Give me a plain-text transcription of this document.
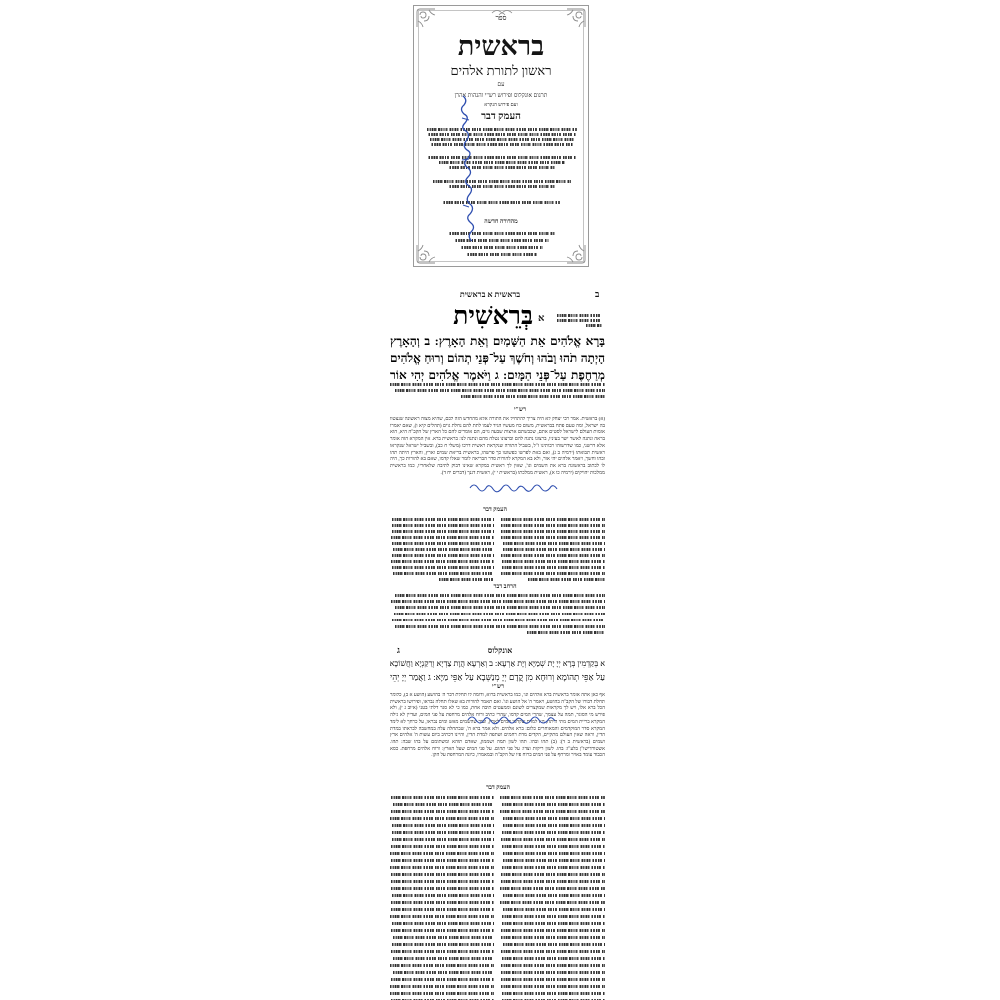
ספר
בראשית
ראשון לתורת אלהים
עם
תרגום אונקלוס ופירוש רש"י והגהות אהרן
ועם פירוש הנקרא
העמק דבר
מהדורה חדשה
ב
בראשית א בראשית
א
בְּרֵאשִׁית
בָּרָא אֱלֹהִים אֵת הַשָּׁמַיִם וְאֵת הָאָרֶץ: ב וְהָאָרֶץ
הָיְתָה תֹהוּ וָבֹהוּ וְחֹשֶׁךְ עַל־פְּנֵי תְהוֹם וְרוּחַ אֱלֹהִים
מְרַחֶפֶת עַל־פְּנֵי הַמָּיִם: ג וַיֹּאמֶר אֱלֹהִים יְהִי אוֹר
רש"י
(א) בראשית. אמר רבי יצחק לא היה צריך להתחיל את התורה אלא מהחדש הזה לכם, שהיא מצוה ראשונה שנצטוו בה ישראל, ומה טעם פתח בבראשית, משום כח מעשיו הגיד לעמו לתת להם נחלת גוים (תהלים קיא ו), שאם יאמרו אומות העולם לישראל לסטים אתם, שכבשתם ארצות שבעה גוים, הם אומרים להם כל הארץ של הקב"ה היא, הוא בראה ונתנה לאשר ישר בעיניו, ברצונו נתנה להם וברצונו נטלה מהם ונתנה לנו: בראשית ברא. אין המקרא הזה אומר אלא דרשני, כמו שדרשוהו רבותינו ז"ל, בשביל התורה שנקראת ראשית דרכו (משלי ח כב), ובשביל ישראל שנקראו ראשית תבואתו (ירמיה ב ג), ואם באת לפרשו כפשוטו כך פרשהו, בראשית בריאת שמים וארץ, והארץ היתה תהו ובהו וחשך, ויאמר אלהים יהי אור, ולא בא המקרא להורות סדר הבריאה לומר שאלו קדמו, שאם בא להורות כך, היה לו לכתוב בראשונה ברא את השמים וגו', שאין לך ראשית במקרא שאינו דבוק לתיבה שלאחריו, כמו בראשית ממלכות יהויקים (ירמיה כו א), ראשית ממלכתו (בראשית י י), ראשית דגנך (דברים יח ד).
העמק דבר
הרחב דבר
ג	אונקלוס
א בְּקַדְמִין בְּרָא יְיָ יָת שְׁמַיָּא וְיָת אַרְעָא: ב וְאַרְעָא הֲוָת צַדְיָא וְרֵקַנְיָא וַחֲשׁוֹכָא
עַל אַפֵּי תְהוֹמָא וְרוּחָא מִן קֳדָם יְיָ מְנַשְּׁבָא עַל אַפֵּי מַיָּא: ג וַאֲמַר יְיָ יְהֵי
רש"י
אף כאן אתה אומר בראשית ברא אלהים וגו', כמו בראשית ברוא, ודומה לו תחלת דבר ה' בהושע (הושע א ב), כלומר תחלת דבורו של הקב"ה בהושע, ויאמר ה' אל הושע וגו'. ואם תאמר להורות בא שאלו תחלה נבראו, ופירושו בראשית הכל ברא אלו, ויש לך מקראות שמקצרים לשונם וממעטים תיבה אחת, כמו כי לא סגר דלתי בטני (איוב ג י), ולא פירש מי הסוגר, תמה על עצמך, שהרי המים קדמו, שהרי כתיב ורוח אלהים מרחפת על פני המים, ועדיין לא גילה המקרא בריית המים מתי היתה, הא למדת שקדמו המים לארץ, ועוד שהשמים מאש ומים נבראו, על כרחך לא לימד המקרא סדר המוקדמים והמאוחרים כלום: ברא אלהים. ולא אמר ברא ה', שבתחלה עלה במחשבה לבראתו במדת הדין, וראה שאין העולם מתקיים, הקדים מדת רחמים ושתפה למדת הדין, והיינו דכתיב ביום עשות ה' אלהים ארץ ושמים (בראשית ב ד): (ב) תהו ובהו. תהו לשון תמה ושממון, שאדם תוהא ומשתומם על בהו שבה: תהו. אשטורדישו"ן בלע"ז: בהו. לשון ריקות וצדו: על פני תהום. על פני המים שעל הארץ: ורוח אלהים מרחפת. כסא הכבוד עומד באויר ומרחף על פני המים ברוח פיו של הקב"ה ובמאמרו, כיונה המרחפת על הקן.
העמק דבר
